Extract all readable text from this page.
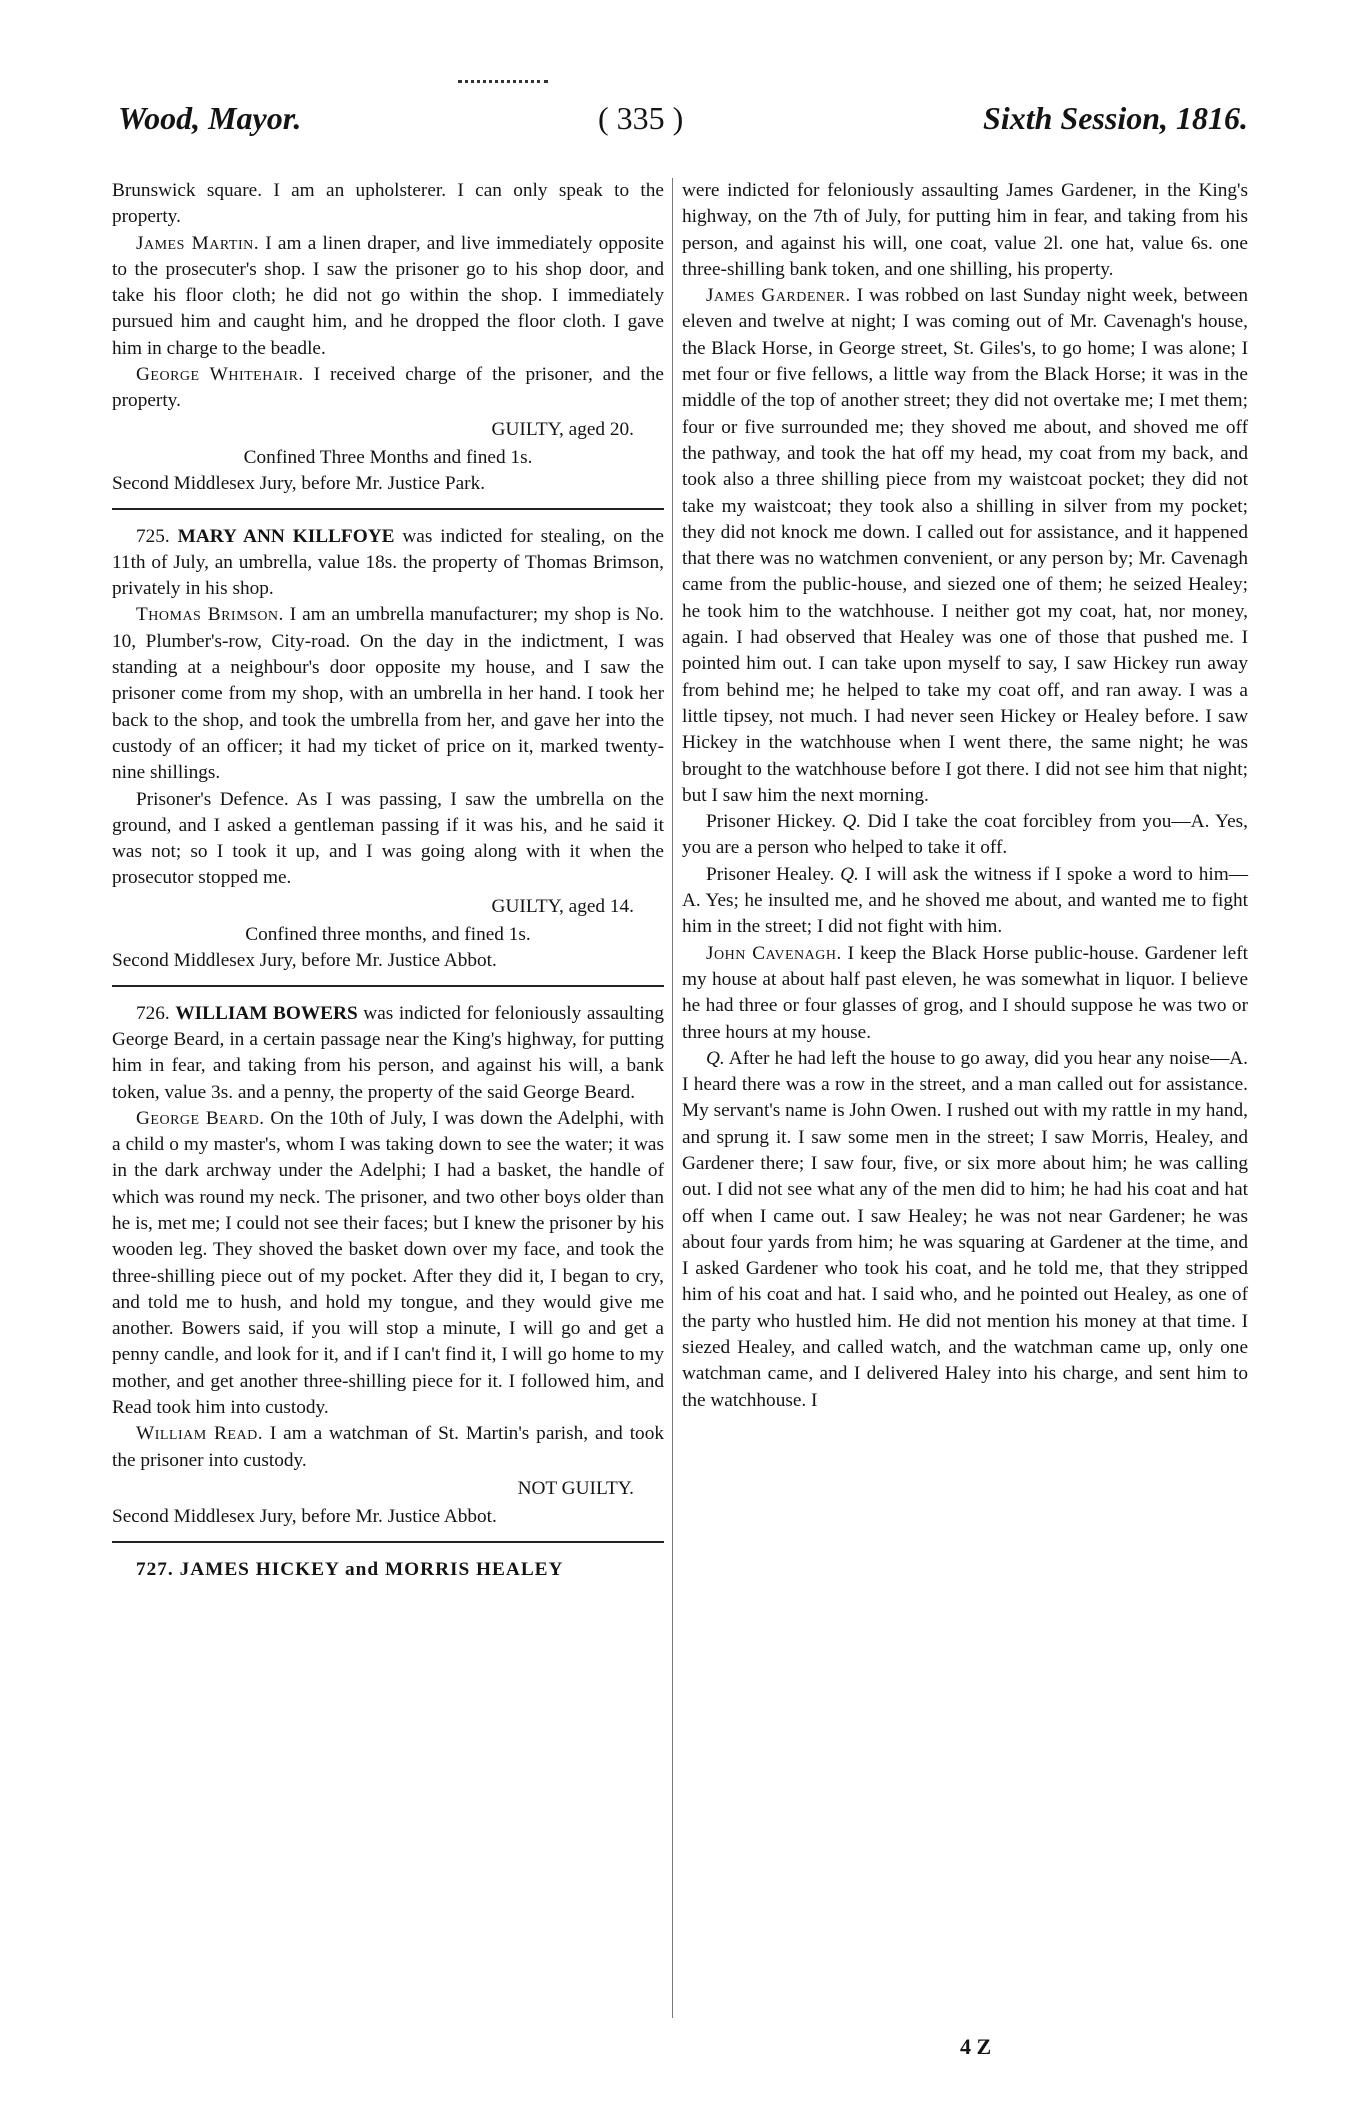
Wood, Mayor.	( 335 )	Sixth Session, 1816.

Brunswick square. I am an upholsterer. I can only speak to the property.

James Martin. I am a linen draper, and live immediately opposite to the prosecuter's shop. I saw the prisoner go to his shop door, and take his floor cloth; he did not go within the shop. I immediately pursued him and caught him, and he dropped the floor cloth. I gave him in charge to the beadle.

George Whitehair. I received charge of the prisoner, and the property.

GUILTY, aged 20.

Confined Three Months and fined 1s.

Second Middlesex Jury, before Mr. Justice Park.

725. MARY ANN KILLFOYE was indicted for stealing, on the 11th of July, an umbrella, value 18s. the property of Thomas Brimson, privately in his shop.

Thomas Brimson. I am an umbrella manufacturer; my shop is No. 10, Plumber's-row, City-road. On the day in the indictment, I was standing at a neighbour's door opposite my house, and I saw the prisoner come from my shop, with an umbrella in her hand. I took her back to the shop, and took the umbrella from her, and gave her into the custody of an officer; it had my ticket of price on it, marked twenty-nine shillings.

Prisoner's Defence. As I was passing, I saw the umbrella on the ground, and I asked a gentleman passing if it was his, and he said it was not; so I took it up, and I was going along with it when the prosecutor stopped me.

GUILTY, aged 14.

Confined three months, and fined 1s.

Second Middlesex Jury, before Mr. Justice Abbot.

726. WILLIAM BOWERS was indicted for feloniously assaulting George Beard, in a certain passage near the King's highway, for putting him in fear, and taking from his person, and against his will, a bank token, value 3s. and a penny, the property of the said George Beard.

George Beard. On the 10th of July, I was down the Adelphi, with a child o my master's, whom I was taking down to see the water; it was in the dark archway under the Adelphi; I had a basket, the handle of which was round my neck. The prisoner, and two other boys older than he is, met me; I could not see their faces; but I knew the prisoner by his wooden leg. They shoved the basket down over my face, and took the three-shilling piece out of my pocket. After they did it, I began to cry, and told me to hush, and hold my tongue, and they would give me another. Bowers said, if you will stop a minute, I will go and get a penny candle, and look for it, and if I can't find it, I will go home to my mother, and get another three-shilling piece for it. I followed him, and Read took him into custody.

William Read. I am a watchman of St. Martin's parish, and took the prisoner into custody.

NOT GUILTY.

Second Middlesex Jury, before Mr. Justice Abbot.

727. JAMES HICKEY and MORRIS HEALEY

were indicted for feloniously assaulting James Gardener, in the King's highway, on the 7th of July, for putting him in fear, and taking from his person, and against his will, one coat, value 2l. one hat, value 6s. one three-shilling bank token, and one shilling, his property.

James Gardener. I was robbed on last Sunday night week, between eleven and twelve at night; I was coming out of Mr. Cavenagh's house, the Black Horse, in George street, St. Giles's, to go home; I was alone; I met four or five fellows, a little way from the Black Horse; it was in the middle of the top of another street; they did not overtake me; I met them; four or five surrounded me; they shoved me about, and shoved me off the pathway, and took the hat off my head, my coat from my back, and took also a three shilling piece from my waistcoat pocket; they did not take my waistcoat; they took also a shilling in silver from my pocket; they did not knock me down. I called out for assistance, and it happened that there was no watchmen convenient, or any person by; Mr. Cavenagh came from the public-house, and siezed one of them; he seized Healey; he took him to the watchhouse. I neither got my coat, hat, nor money, again. I had observed that Healey was one of those that pushed me. I pointed him out. I can take upon myself to say, I saw Hickey run away from behind me; he helped to take my coat off, and ran away. I was a little tipsey, not much. I had never seen Hickey or Healey before. I saw Hickey in the watchhouse when I went there, the same night; he was brought to the watchhouse before I got there. I did not see him that night; but I saw him the next morning.

Prisoner Hickey. Q. Did I take the coat forcibley from you—A. Yes, you are a person who helped to take it off.

Prisoner Healey. Q. I will ask the witness if I spoke a word to him—A. Yes; he insulted me, and he shoved me about, and wanted me to fight him in the street; I did not fight with him.

John Cavenagh. I keep the Black Horse public-house. Gardener left my house at about half past eleven, he was somewhat in liquor. I believe he had three or four glasses of grog, and I should suppose he was two or three hours at my house.

Q. After he had left the house to go away, did you hear any noise—A. I heard there was a row in the street, and a man called out for assistance. My servant's name is John Owen. I rushed out with my rattle in my hand, and sprung it. I saw some men in the street; I saw Morris, Healey, and Gardener there; I saw four, five, or six more about him; he was calling out. I did not see what any of the men did to him; he had his coat and hat off when I came out. I saw Healey; he was not near Gardener; he was about four yards from him; he was squaring at Gardener at the time, and I asked Gardener who took his coat, and he told me, that they stripped him of his coat and hat. I said who, and he pointed out Healey, as one of the party who hustled him. He did not mention his money at that time. I siezed Healey, and called watch, and the watchman came up, only one watchman came, and I delivered Haley into his charge, and sent him to the watchhouse. I

4 Z
